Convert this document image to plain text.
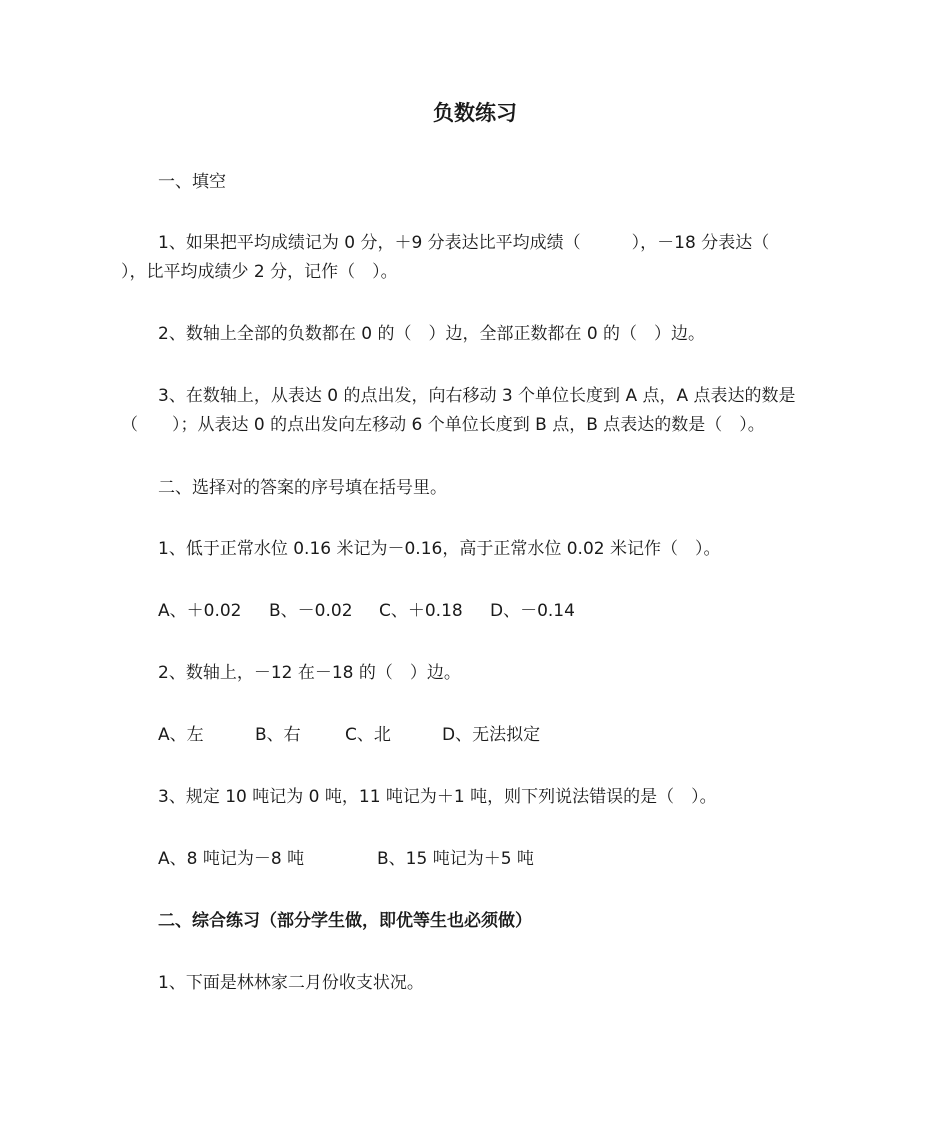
负数练习
一、填空
1、如果把平均成绩记为 0 分，＋9 分表达比平均成绩（　　　），－18 分表达（
），比平均成绩少 2 分，记作（　）。
2、数轴上全部的负数都在 0 的（　）边，全部正数都在 0 的（　）边。
3、在数轴上，从表达 0 的点出发，向右移动 3 个单位长度到 A 点，A 点表达的数是
（　　）；从表达 0 的点出发向左移动 6 个单位长度到 B 点，B 点表达的数是（　）。
二、选择对的答案的序号填在括号里。
1、低于正常水位 0.16 米记为－0.16，高于正常水位 0.02 米记作（　）。
A、＋0.02 B、－0.02 C、＋0.18 D、－0.14
2、数轴上，－12 在－18 的（　）边。
A、左	B、右	C、北	D、无法拟定
3、规定 10 吨记为 0 吨，11 吨记为＋1 吨，则下列说法错误的是（　）。
A、8 吨记为－8 吨	B、15 吨记为＋5 吨
二、综合练习（部分学生做，即优等生也必须做）
1、下面是林林家二月份收支状况。
